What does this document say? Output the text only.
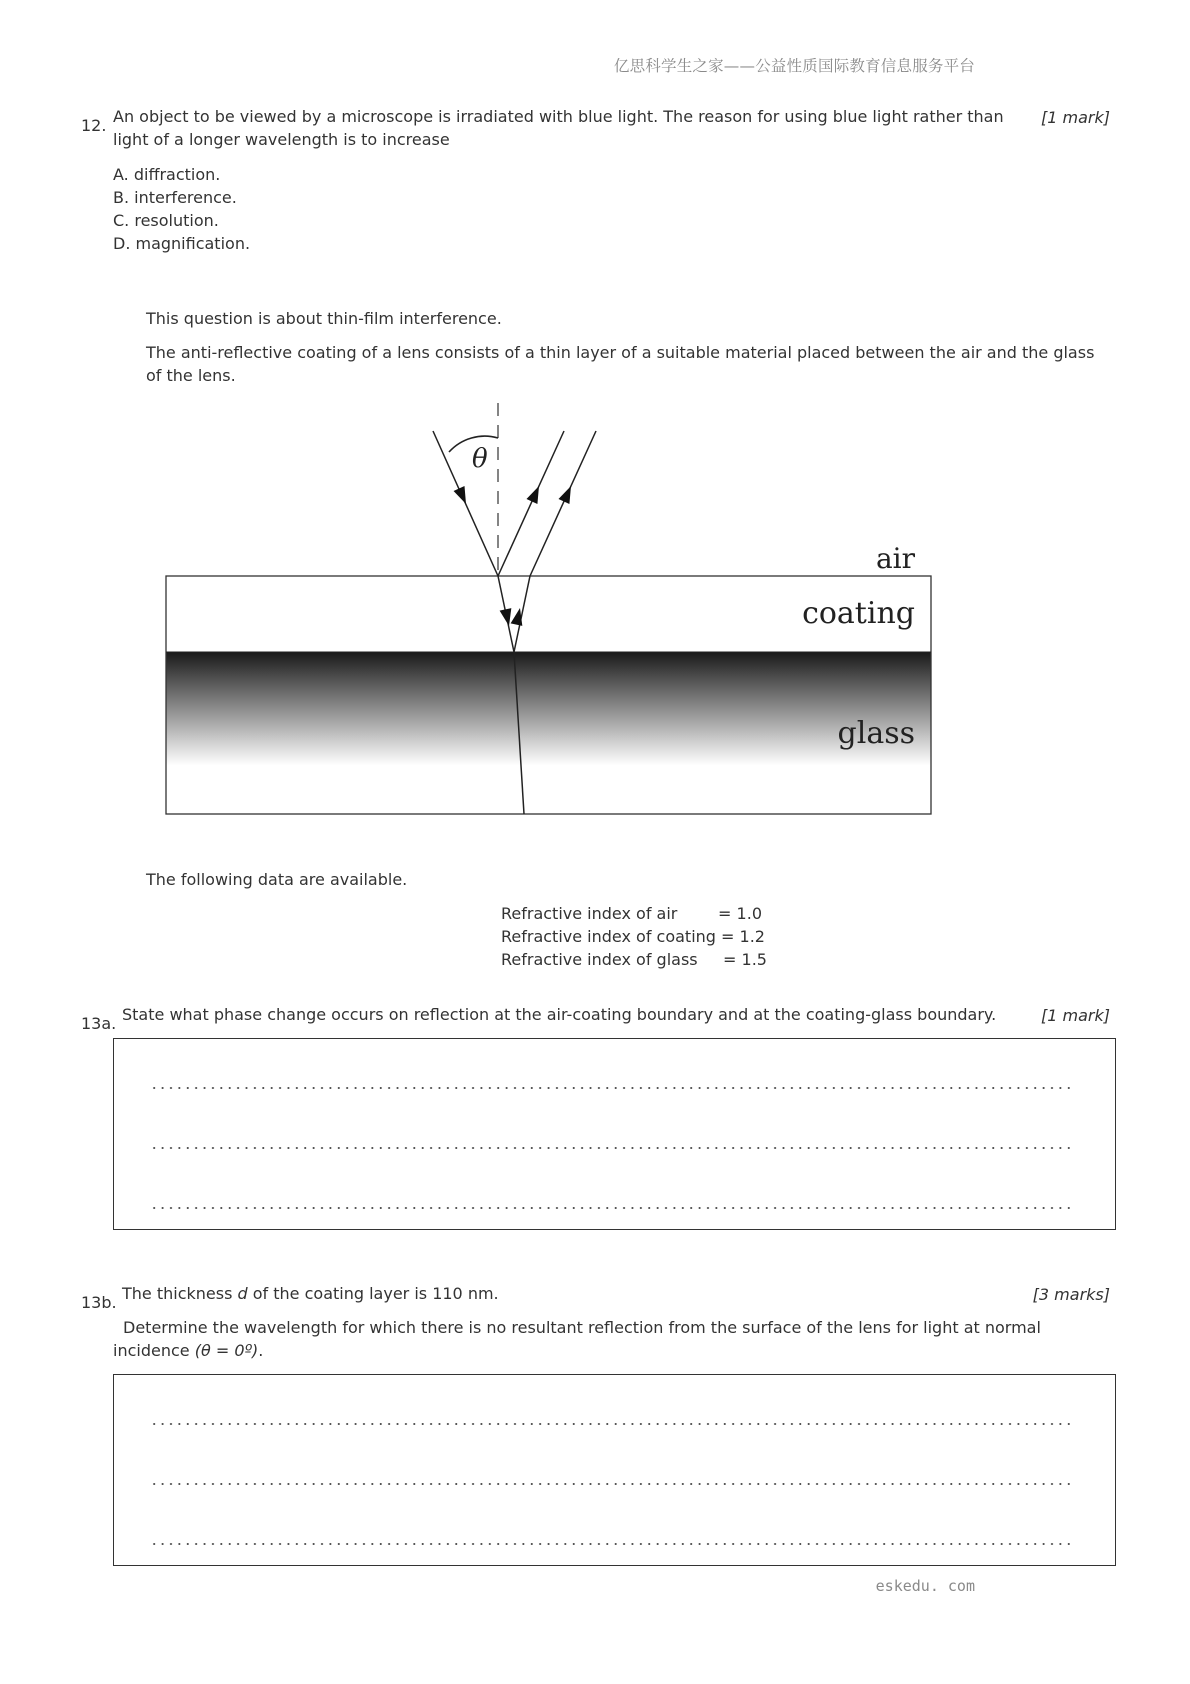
亿思科学生之家——公益性质国际教育信息服务平台
12.	[1 mark]
An object to be viewed by a microscope is irradiated with blue light. The reason for using blue light rather than
light of a longer wavelength is to increase
A. diffraction.
B. interference.
C. resolution.
D. magnification.
This question is about thin-film interference.
The anti-reflective coating of a lens consists of a thin layer of a suitable material placed between the air and the glass
of the lens.
θ
air
coating
glass
The following data are available.
Refractive index of air        = 1.0
Refractive index of coating = 1.2
Refractive index of glass     = 1.5
13a. State what phase change occurs on reflection at the air-coating boundary and at the coating-glass boundary.	[1 mark]
13b. The thickness d of the coating layer is 110 nm.	[3 marks]
Determine the wavelength for which there is no resultant reflection from the surface of the lens for light at normal
incidence (θ = 0º).
eskedu. com
